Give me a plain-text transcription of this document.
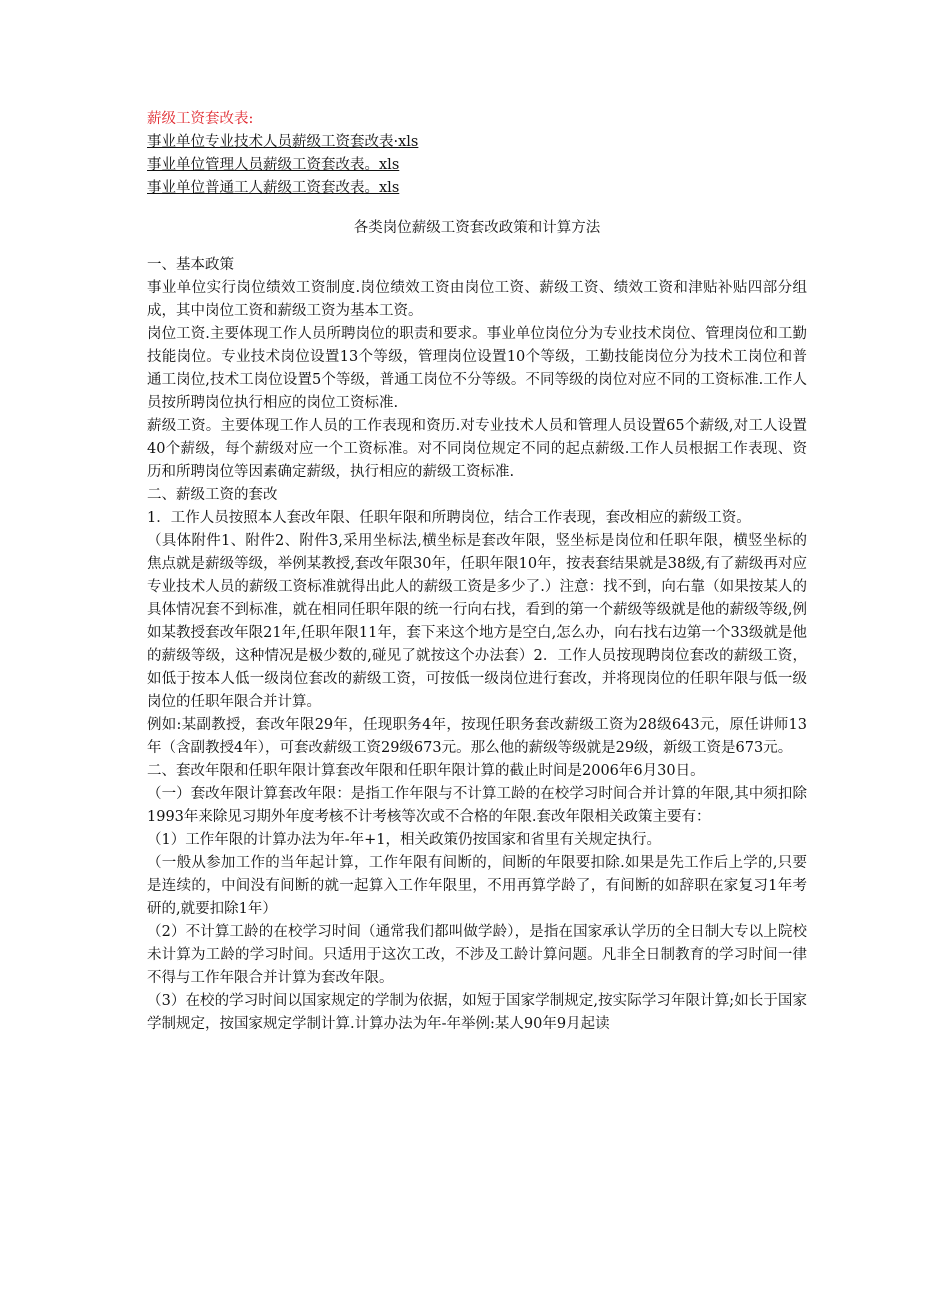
薪级工资套改表:
事业单位专业技术人员薪级工资套改表·xls
事业单位管理人员薪级工资套改表。xls
事业单位普通工人薪级工资套改表。xls
各类岗位薪级工资套改政策和计算方法

一、基本政策

事业单位实行岗位绩效工资制度.岗位绩效工资由岗位工资、薪级工资、绩效工资和津贴补贴四部分组成，其中岗位工资和薪级工资为基本工资。

岗位工资.主要体现工作人员所聘岗位的职责和要求。事业单位岗位分为专业技术岗位、管理岗位和工勤技能岗位。专业技术岗位设置13个等级，管理岗位设置10个等级，工勤技能岗位分为技术工岗位和普通工岗位,技术工岗位设置5个等级，普通工岗位不分等级。不同等级的岗位对应不同的工资标准.工作人员按所聘岗位执行相应的岗位工资标准.

薪级工资。主要体现工作人员的工作表现和资历.对专业技术人员和管理人员设置65个薪级,对工人设置40个薪级，每个薪级对应一个工资标准。对不同岗位规定不同的起点薪级.工作人员根据工作表现、资历和所聘岗位等因素确定薪级，执行相应的薪级工资标准.

二、薪级工资的套改

1．工作人员按照本人套改年限、任职年限和所聘岗位，结合工作表现，套改相应的薪级工资。

（具体附件1、附件2、附件3,采用坐标法,横坐标是套改年限，竖坐标是岗位和任职年限，横竖坐标的焦点就是薪级等级，举例某教授,套改年限30年，任职年限10年，按表套结果就是38级,有了薪级再对应专业技术人员的薪级工资标准就得出此人的薪级工资是多少了.）注意：找不到，向右靠（如果按某人的具体情况套不到标准，就在相同任职年限的统一行向右找，看到的第一个薪级等级就是他的薪级等级,例如某教授套改年限21年,任职年限11年，套下来这个地方是空白,怎么办，向右找右边第一个33级就是他的薪级等级，这种情况是极少数的,碰见了就按这个办法套）2．工作人员按现聘岗位套改的薪级工资，如低于按本人低一级岗位套改的薪级工资，可按低一级岗位进行套改，并将现岗位的任职年限与低一级岗位的任职年限合并计算。

例如:某副教授，套改年限29年，任现职务4年，按现任职务套改薪级工资为28级643元，原任讲师13年（含副教授4年），可套改薪级工资29级673元。那么他的薪级等级就是29级，新级工资是673元。

二、套改年限和任职年限计算套改年限和任职年限计算的截止时间是2006年6月30日。

（一）套改年限计算套改年限：是指工作年限与不计算工龄的在校学习时间合并计算的年限,其中须扣除1993年来除见习期外年度考核不计考核等次或不合格的年限.套改年限相关政策主要有：

（1）工作年限的计算办法为年-年+1，相关政策仍按国家和省里有关规定执行。

（一般从参加工作的当年起计算，工作年限有间断的，间断的年限要扣除.如果是先工作后上学的,只要是连续的，中间没有间断的就一起算入工作年限里，不用再算学龄了，有间断的如辞职在家复习1年考研的,就要扣除1年）

（2）不计算工龄的在校学习时间（通常我们都叫做学龄），是指在国家承认学历的全日制大专以上院校未计算为工龄的学习时间。只适用于这次工改，不涉及工龄计算问题。凡非全日制教育的学习时间一律不得与工作年限合并计算为套改年限。

（3）在校的学习时间以国家规定的学制为依据，如短于国家学制规定,按实际学习年限计算;如长于国家学制规定，按国家规定学制计算.计算办法为年-年举例:某人90年9月起读
